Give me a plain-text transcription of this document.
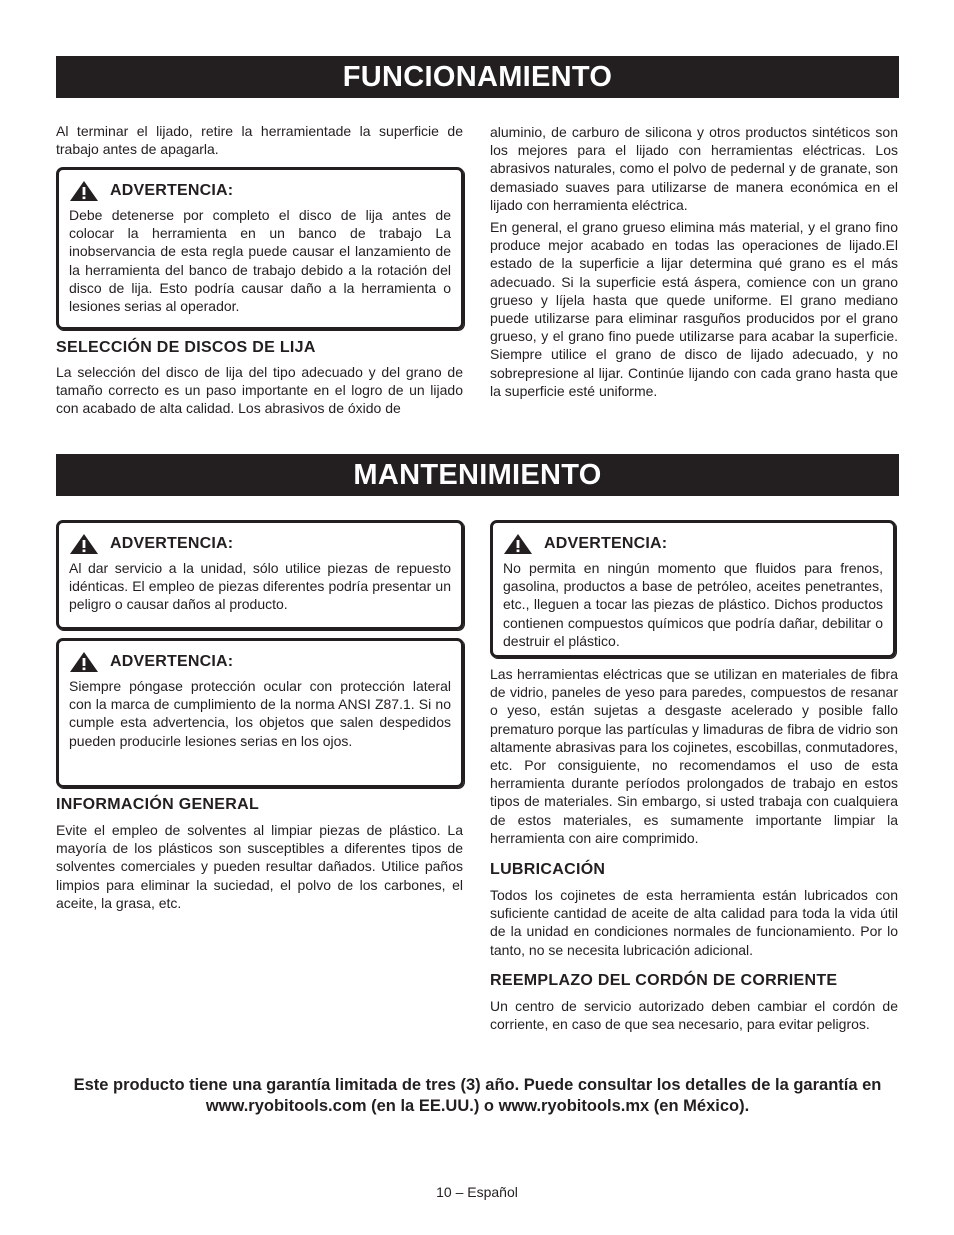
FUNCIONAMIENTO

Al terminar el lijado, retire la herramientade la superficie de trabajo antes de apagarla.

ADVERTENCIA:

Debe detenerse por completo el disco de lija antes de colocar la herramienta en un banco de trabajo La inobservancia de esta regla puede causar el lanzamiento de la herramienta del banco de trabajo debido a la rotación del disco de lija. Esto podría causar daño a la herramienta o lesiones serias al operador.

SELECCIÓN DE DISCOS DE LIJA

La selección del disco de lija del tipo adecuado y del grano de tamaño correcto es un paso importante en el logro de un lijado con acabado de alta calidad. Los abrasivos de óxido de

aluminio, de carburo de silicona y otros productos sintéticos son los mejores para el lijado con herramientas eléctricas. Los abrasivos naturales, como el polvo de pedernal y de granate, son demasiado suaves para utilizarse de manera económica en el lijado con herramienta eléctrica.

En general, el grano grueso elimina más material, y el grano fino produce mejor acabado en todas las operaciones de lijado.El estado de la superficie a lijar determina qué grano es el más adecuado. Si la superficie está áspera, comience con un grano grueso y líjela hasta que quede uniforme. El grano mediano puede utilizarse para eliminar rasguños producidos por el grano grueso, y el grano fino puede utilizarse para acabar la superficie. Siempre utilice el grano de disco de lijado adecuado, y no sobrepresione al lijar. Continúe lijando con cada grano hasta que la superficie esté uniforme.

MANTENIMIENTO
ADVERTENCIA:

Al dar servicio a la unidad, sólo utilice piezas de repuesto idénticas. El empleo de piezas diferentes podría presentar un peligro o causar daños al producto.

ADVERTENCIA:

Siempre póngase protección ocular con protección lateral con la marca de cumplimiento de la norma ANSI Z87.1. Si no cumple esta advertencia, los objetos que salen despedidos pueden producirle lesiones serias en los ojos.

INFORMACIÓN GENERAL

Evite el empleo de solventes al limpiar piezas de plástico. La mayoría de los plásticos son susceptibles a diferentes tipos de solventes comerciales y pueden resultar dañados. Utilice paños limpios para eliminar la suciedad, el polvo de los carbones, el aceite, la grasa, etc.

ADVERTENCIA:

No permita en ningún momento que fluidos para frenos, gasolina, productos a base de petróleo, aceites penetrantes, etc., lleguen a tocar las piezas de plástico. Dichos productos contienen compuestos químicos que podría dañar, debilitar o destruir el plástico.

Las herramientas eléctricas que se utilizan en materiales de fibra de vidrio, paneles de yeso para paredes, compuestos de resanar o yeso, están sujetas a desgaste acelerado y posible fallo prematuro porque las partículas y limaduras de fibra de vidrio son altamente abrasivas para los cojinetes, escobillas, conmutadores, etc. Por consiguiente, no recomendamos el uso de esta herramienta durante períodos prolongados de trabajo en estos tipos de materiales. Sin embargo, si usted trabaja con cualquiera de estos materiales, es sumamente importante limpiar la herramienta con aire comprimido.

LUBRICACIÓN

Todos los cojinetes de esta herramienta están lubricados con suficiente cantidad de aceite de alta calidad para toda la vida útil de la unidad en condiciones normales de funcionamiento. Por lo tanto, no se necesita lubricación adicional.

REEMPLAZO DEL CORDÓN DE CORRIENTE

Un centro de servicio autorizado deben cambiar el cordón de corriente, en caso de que sea necesario, para evitar peligros.

Este producto tiene una garantía limitada de tres (3) año. Puede consultar los detalles de la garantía en www.ryobitools.com (en la EE.UU.) o www.ryobitools.mx (en México).
10 – Español
